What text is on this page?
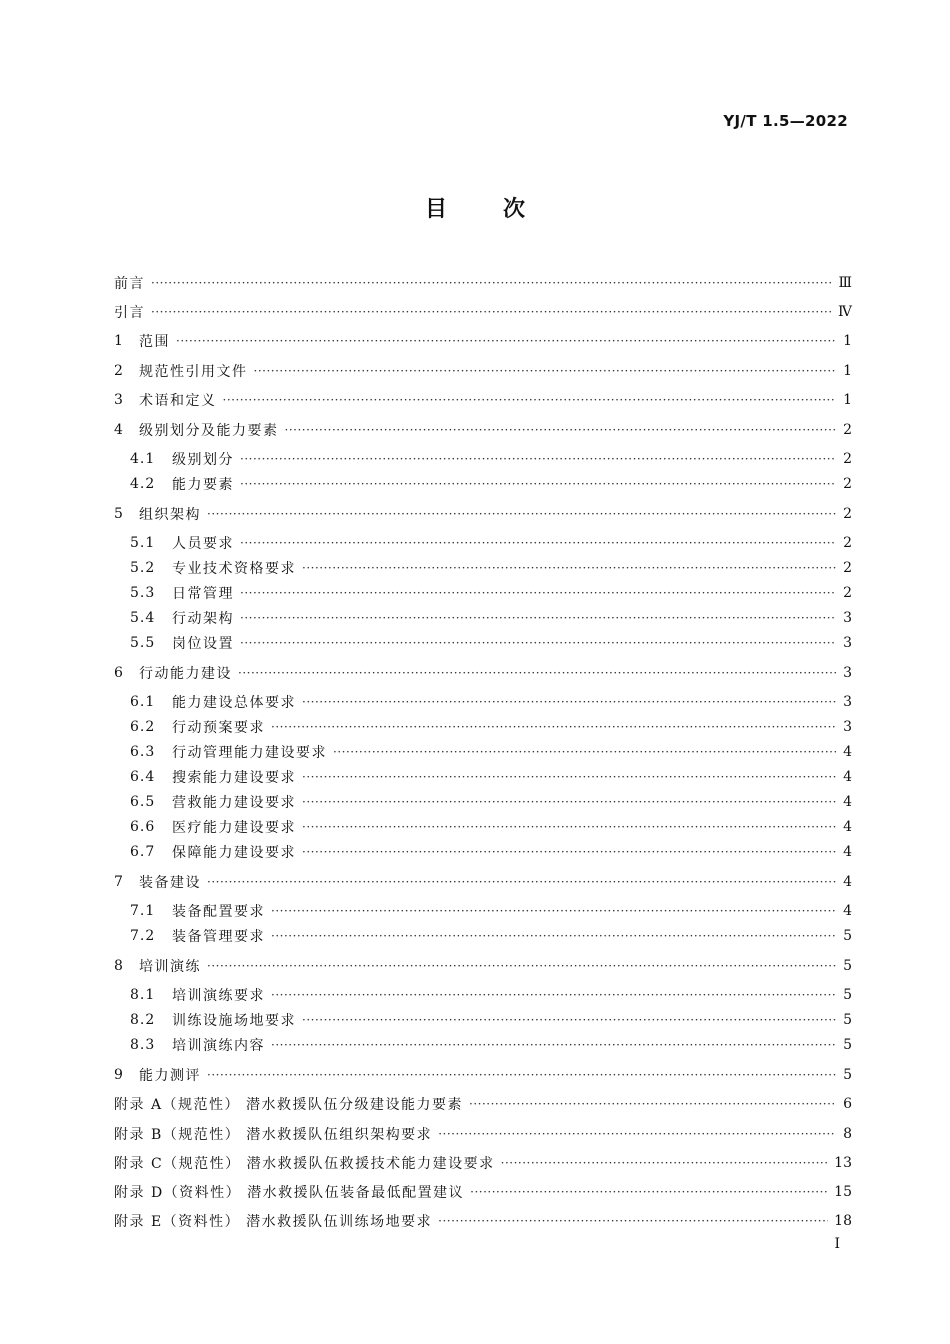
YJ/T 1.5—2022
目次
前言 ·····	Ⅲ
引言 ·····	Ⅳ
1	范围 ·····	1
2	规范性引用文件 ·····	1
3	术语和定义 ·····	1
4	级别划分及能力要素 ·····	2
4.1	级别划分 ·····	2
4.2	能力要素 ·····	2
5	组织架构 ·····	2
5.1	人员要求 ·····	2
5.2	专业技术资格要求 ·····	2
5.3	日常管理 ·····	2
5.4	行动架构 ·····	3
5.5	岗位设置 ·····	3
6	行动能力建设 ·····	3
6.1	能力建设总体要求 ·····	3
6.2	行动预案要求 ·····	3
6.3	行动管理能力建设要求 ·····	4
6.4	搜索能力建设要求 ·····	4
6.5	营救能力建设要求 ·····	4
6.6	医疗能力建设要求 ·····	4
6.7	保障能力建设要求 ·····	4
7	装备建设 ·····	4
7.1	装备配置要求 ·····	4
7.2	装备管理要求 ·····	5
8	培训演练 ·····	5
8.1	培训演练要求 ·····	5
8.2	训练设施场地要求 ·····	5
8.3	培训演练内容 ·····	5
9	能力测评 ·····	5
附录 A（规范性） 潜水救援队伍分级建设能力要素 ·····	6
附录 B（规范性） 潜水救援队伍组织架构要求 ·····	8
附录 C（规范性） 潜水救援队伍救援技术能力建设要求 ·····	13
附录 D（资料性） 潜水救援队伍装备最低配置建议 ·····	15
附录 E（资料性） 潜水救援队伍训练场地要求 ·····	18
I
